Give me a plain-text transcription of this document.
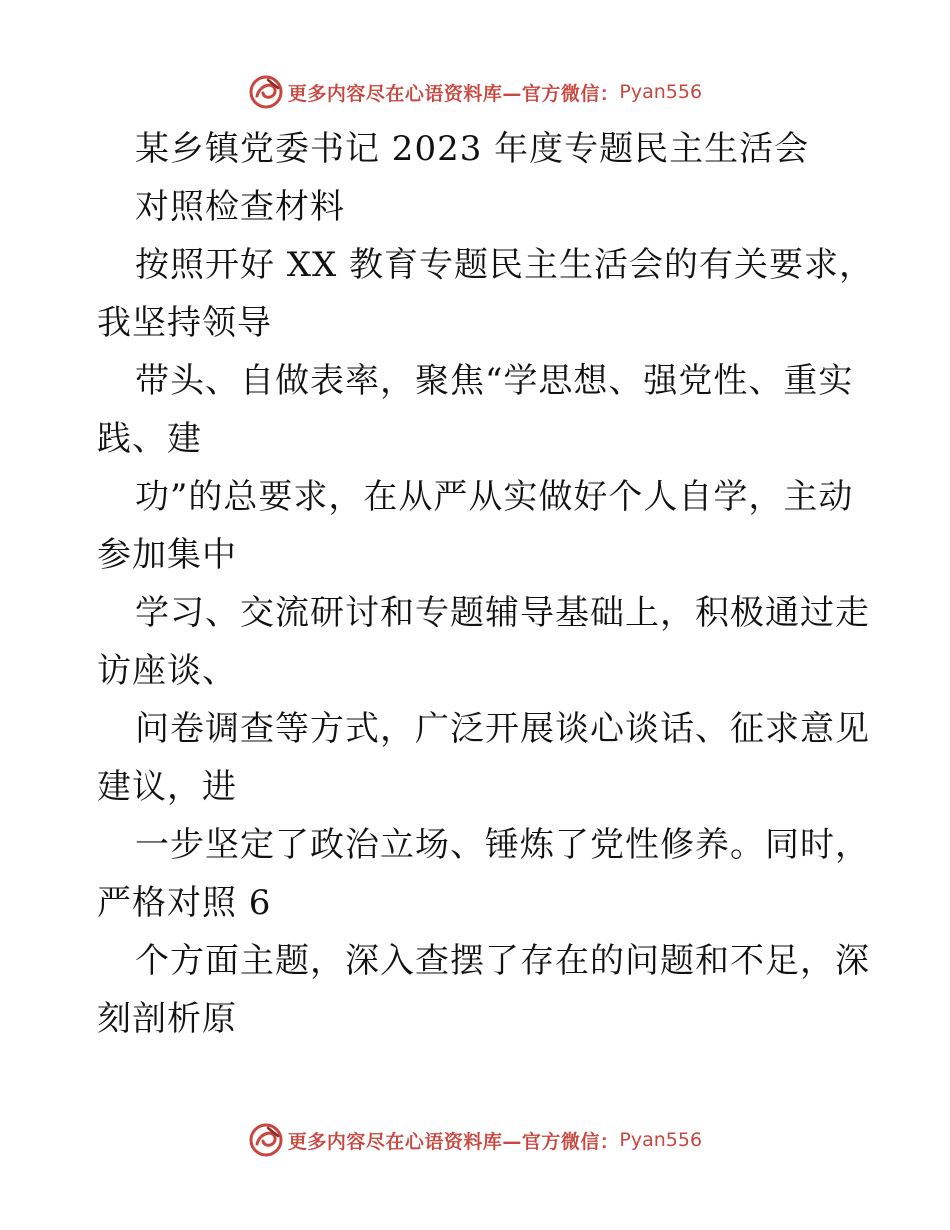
更多内容尽在心语资料库—官方微信： Pyan556
某乡镇党委书记 2023 年度专题民主生活会
对照检查材料
按照开好 XX 教育专题民主生活会的有关要求，
我坚持领导
带头、自做表率，聚焦“学思想、强党性、重实
践、建
功”的总要求，在从严从实做好个人自学，主动
参加集中
学习、交流研讨和专题辅导基础上，积极通过走
访座谈、
问卷调查等方式，广泛开展谈心谈话、征求意见
建议，进
一步坚定了政治立场、锤炼了党性修养。同时，
严格对照 6
个方面主题，深入查摆了存在的问题和不足，深
刻剖析原
更多内容尽在心语资料库—官方微信： Pyan556
